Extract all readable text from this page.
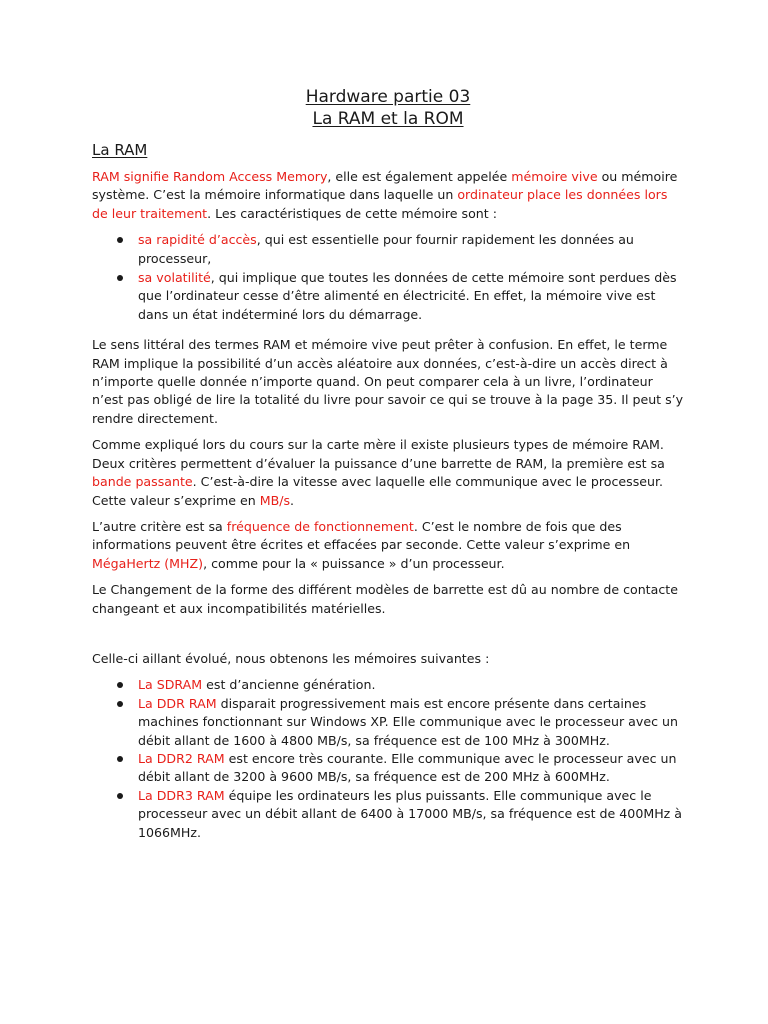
Hardware partie 03
La RAM et la ROM
La RAM

RAM signifie Random Access Memory, elle est également appelée mémoire vive ou mémoire système. C’est la mémoire informatique dans laquelle un ordinateur place les données lors de leur traitement. Les caractéristiques de cette mémoire sont :

sa rapidité d’accès, qui est essentielle pour fournir rapidement les données au processeur,
sa volatilité, qui implique que toutes les données de cette mémoire sont perdues dès que l’ordinateur cesse d’être alimenté en électricité. En effet, la mémoire vive est dans un état indéterminé lors du démarrage.

Le sens littéral des termes RAM et mémoire vive peut prêter à confusion. En effet, le terme RAM implique la possibilité d’un accès aléatoire aux données, c’est-à-dire un accès direct à n’importe quelle donnée n’importe quand. On peut comparer cela à un livre, l’ordinateur n’est pas obligé de lire la totalité du livre pour savoir ce qui se trouve à la page 35. Il peut s’y rendre directement.

Comme expliqué lors du cours sur la carte mère il existe plusieurs types de mémoire RAM. Deux critères permettent d’évaluer la puissance d’une barrette de RAM, la première est sa bande passante. C’est-à-dire la vitesse avec laquelle elle communique avec le processeur. Cette valeur s’exprime en MB/s.

L’autre critère est sa fréquence de fonctionnement. C’est le nombre de fois que des informations peuvent être écrites et effacées par seconde. Cette valeur s’exprime en MégaHertz (MHZ), comme pour la « puissance » d’un processeur.

Le Changement de la forme des différent modèles de barrette est dû au nombre de contacte changeant et aux incompatibilités matérielles.

Celle-ci aillant évolué, nous obtenons les mémoires suivantes :

La SDRAM est d’ancienne génération.
La DDR RAM disparait progressivement mais est encore présente dans certaines machines fonctionnant sur Windows XP. Elle communique avec le processeur avec un débit allant de 1600 à 4800 MB/s, sa fréquence est de 100 MHz à 300MHz.
La DDR2 RAM est encore très courante. Elle communique avec le processeur avec un débit allant de 3200 à 9600 MB/s, sa fréquence est de 200 MHz à 600MHz.
La DDR3 RAM équipe les ordinateurs les plus puissants. Elle communique avec le processeur avec un débit allant de 6400 à 17000 MB/s, sa fréquence est de 400MHz à 1066MHz.
